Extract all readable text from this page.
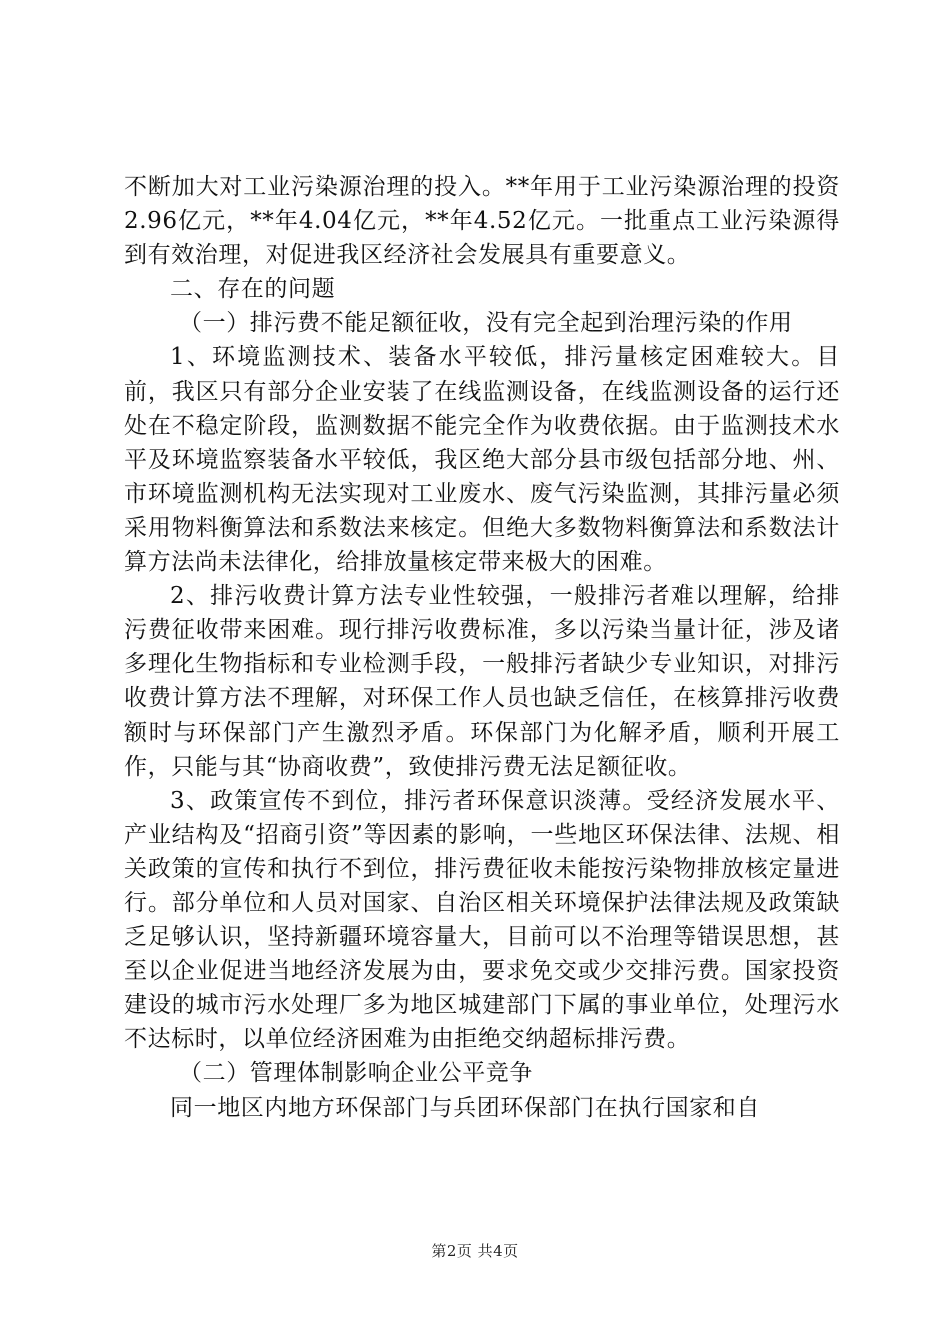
不断加大对工业污染源治理的投入。**年用于工业污染源治理的投资2.96亿元，**年4.04亿元，**年4.52亿元。一批重点工业污染源得到有效治理，对促进我区经济社会发展具有重要意义。

二、存在的问题

（一）排污费不能足额征收，没有完全起到治理污染的作用

1、环境监测技术、装备水平较低，排污量核定困难较大。目前，我区只有部分企业安装了在线监测设备，在线监测设备的运行还处在不稳定阶段，监测数据不能完全作为收费依据。由于监测技术水平及环境监察装备水平较低，我区绝大部分县市级包括部分地、州、市环境监测机构无法实现对工业废水、废气污染监测，其排污量必须采用物料衡算法和系数法来核定。但绝大多数物料衡算法和系数法计算方法尚未法律化，给排放量核定带来极大的困难。

2、排污收费计算方法专业性较强，一般排污者难以理解，给排污费征收带来困难。现行排污收费标准，多以污染当量计征，涉及诸多理化生物指标和专业检测手段，一般排污者缺少专业知识，对排污收费计算方法不理解，对环保工作人员也缺乏信任，在核算排污收费额时与环保部门产生激烈矛盾。环保部门为化解矛盾，顺利开展工作，只能与其“协商收费”，致使排污费无法足额征收。

3、政策宣传不到位，排污者环保意识淡薄。受经济发展水平、产业结构及“招商引资”等因素的影响，一些地区环保法律、法规、相关政策的宣传和执行不到位，排污费征收未能按污染物排放核定量进行。部分单位和人员对国家、自治区相关环境保护法律法规及政策缺乏足够认识，坚持新疆环境容量大，目前可以不治理等错误思想，甚至以企业促进当地经济发展为由，要求免交或少交排污费。国家投资建设的城市污水处理厂多为地区城建部门下属的事业单位，处理污水不达标时，以单位经济困难为由拒绝交纳超标排污费。

（二）管理体制影响企业公平竞争

同一地区内地方环保部门与兵团环保部门在执行国家和自

第2页 共4页
